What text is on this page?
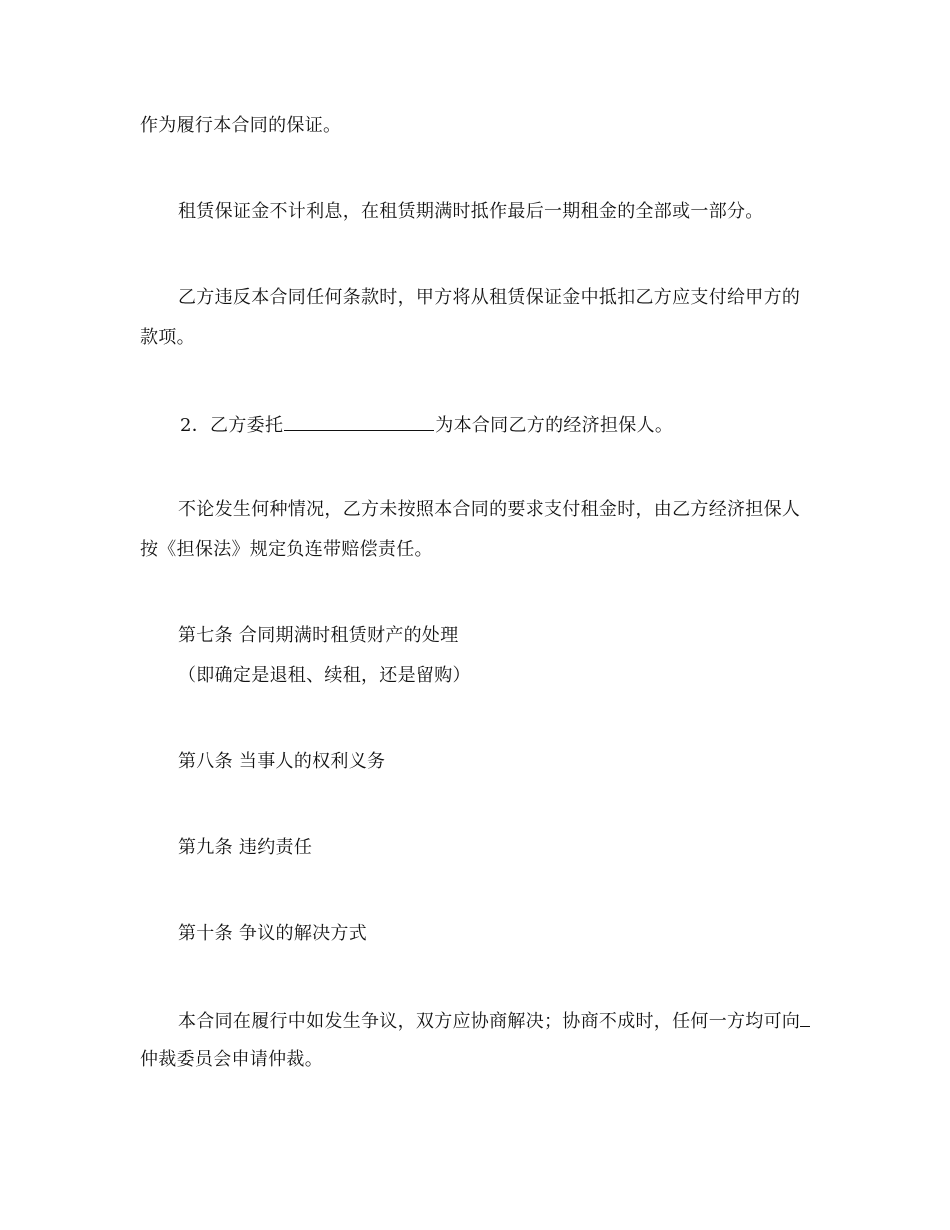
作为履行本合同的保证。
租赁保证金不计利息，在租赁期满时抵作最后一期租金的全部或一部分。
乙方违反本合同任何条款时，甲方将从租赁保证金中抵扣乙方应支付给甲方的
款项。
2．乙方委托	为本合同乙方的经济担保人。
不论发生何种情况，乙方未按照本合同的要求支付租金时，由乙方经济担保人
按《担保法》规定负连带赔偿责任。
第七条 合同期满时租赁财产的处理
（即确定是退租、续租，还是留购）
第八条 当事人的权利义务
第九条 违约责任
第十条 争议的解决方式
本合同在履行中如发生争议，双方应协商解决；协商不成时，任何一方均可向
仲裁委员会申请仲裁。
